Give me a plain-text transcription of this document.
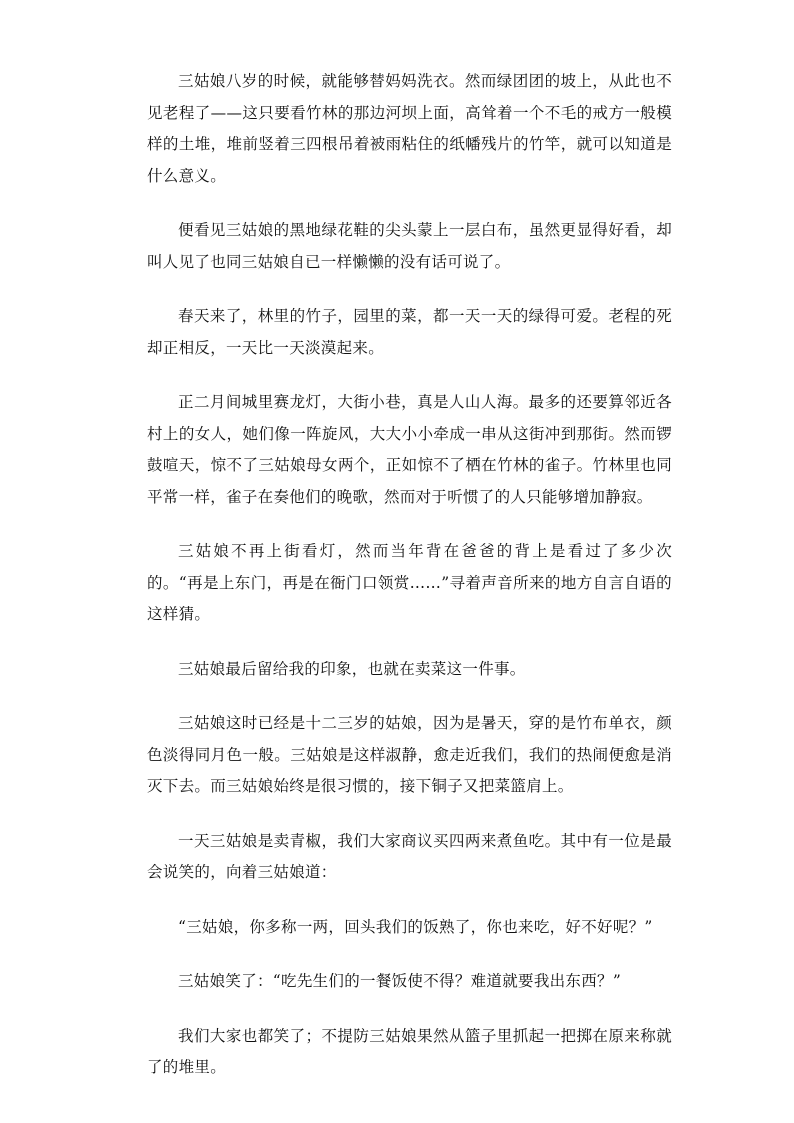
三姑娘八岁的时候，就能够替妈妈洗衣。然而绿团团的坡上，从此也不见老程了——这只要看竹林的那边河坝上面，高耸着一个不毛的戒方一般模样的土堆，堆前竖着三四根吊着被雨粘住的纸幡残片的竹竿，就可以知道是什么意义。

便看见三姑娘的黑地绿花鞋的尖头蒙上一层白布，虽然更显得好看，却叫人见了也同三姑娘自已一样懒懒的没有话可说了。

春天来了，林里的竹子，园里的菜，都一天一天的绿得可爱。老程的死却正相反，一天比一天淡漠起来。

正二月间城里赛龙灯，大街小巷，真是人山人海。最多的还要算邻近各村上的女人，她们像一阵旋风，大大小小牵成一串从这街冲到那街。然而锣鼓喧天，惊不了三姑娘母女两个，正如惊不了栖在竹林的雀子。竹林里也同平常一样，雀子在奏他们的晚歌，然而对于听惯了的人只能够增加静寂。

三姑娘不再上街看灯，然而当年背在爸爸的背上是看过了多少次的。“再是上东门，再是在衙门口领赏……”寻着声音所来的地方自言自语的这样猜。

三姑娘最后留给我的印象，也就在卖菜这一件事。

三姑娘这时已经是十二三岁的姑娘，因为是暑天，穿的是竹布单衣，颜色淡得同月色一般。三姑娘是这样淑静，愈走近我们，我们的热闹便愈是消灭下去。而三姑娘始终是很习惯的，接下铜子又把菜篮肩上。

一天三姑娘是卖青椒，我们大家商议买四两来煮鱼吃。其中有一位是最会说笑的，向着三姑娘道：

“三姑娘，你多称一两，回头我们的饭熟了，你也来吃，好不好呢？”

三姑娘笑了：“吃先生们的一餐饭使不得？难道就要我出东西？”

我们大家也都笑了；不提防三姑娘果然从篮子里抓起一把掷在原来称就了的堆里。
